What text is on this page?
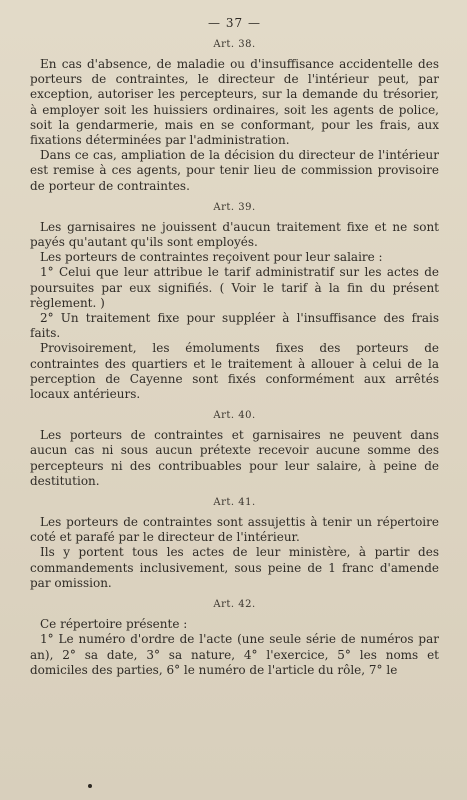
— 37 —
Art. 38.

En cas d'absence, de maladie ou d'insuffisance accidentelle des porteurs de contraintes, le directeur de l'intérieur peut, par exception, autoriser les percepteurs, sur la demande du trésorier, à employer soit les huissiers ordinaires, soit les agents de police, soit la gendarmerie, mais en se conformant, pour les frais, aux fixations déterminées par l'administration.

Dans ce cas, ampliation de la décision du directeur de l'intérieur est remise à ces agents, pour tenir lieu de commission provisoire de porteur de contraintes.

Art. 39.

Les garnisaires ne jouissent d'aucun traitement fixe et ne sont payés qu'autant qu'ils sont employés.

Les porteurs de contraintes reçoivent pour leur salaire :

1° Celui que leur attribue le tarif administratif sur les actes de poursuites par eux signifiés. ( Voir le tarif à la fin du présent règlement. )

2° Un traitement fixe pour suppléer à l'insuffisance des frais faits.

Provisoirement, les émoluments fixes des porteurs de contraintes des quartiers et le traitement à allouer à celui de la perception de Cayenne sont fixés conformément aux arrêtés locaux antérieurs.

Art. 40.

Les porteurs de contraintes et garnisaires ne peuvent dans aucun cas ni sous aucun prétexte recevoir aucune somme des percepteurs ni des contribuables pour leur salaire, à peine de destitution.

Art. 41.

Les porteurs de contraintes sont assujettis à tenir un répertoire coté et parafé par le directeur de l'intérieur.

Ils y portent tous les actes de leur ministère, à partir des commandements inclusivement, sous peine de 1 franc d'amende par omission.

Art. 42.

Ce répertoire présente :

1° Le numéro d'ordre de l'acte (une seule série de numéros par an), 2° sa date, 3° sa nature, 4° l'exercice, 5° les noms et domiciles des parties, 6° le numéro de l'article du rôle, 7° le
